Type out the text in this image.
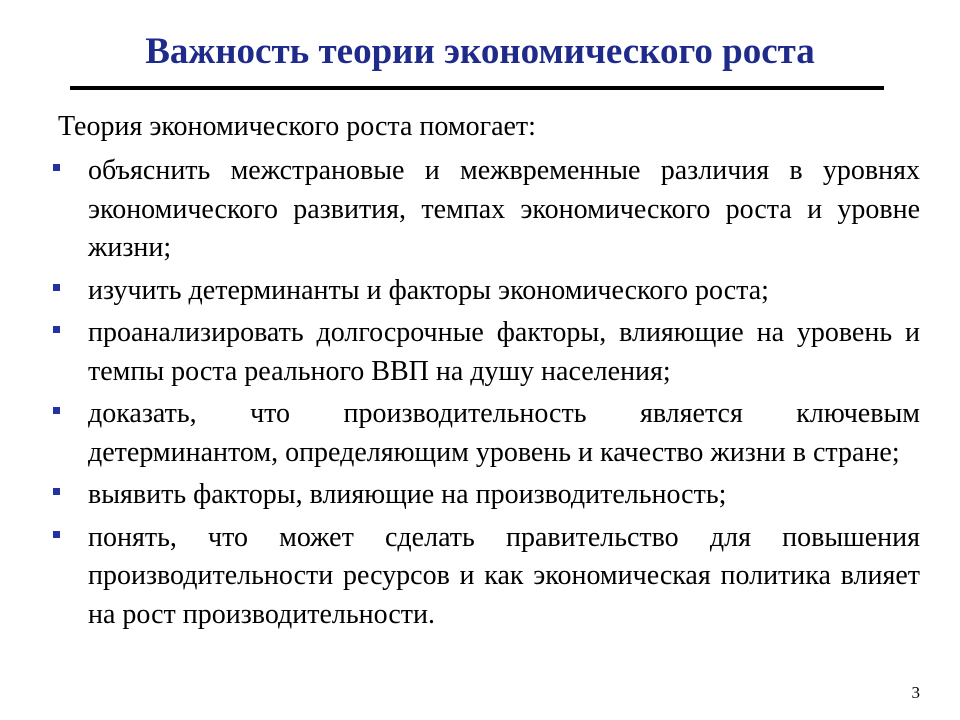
Важность теории экономического роста
Теория экономического роста помогает:
объяснить межстрановые и межвременные различия в уровнях экономического развития, темпах экономического роста и уровне жизни;
изучить детерминанты и факторы экономического роста;
проанализировать долгосрочные факторы, влияющие на уровень и темпы роста реального ВВП на душу населения;
доказать, что производительность является ключевым детерминантом, определяющим уровень и качество жизни в стране;
выявить факторы, влияющие на производительность;
понять, что может сделать правительство для повышения производительности ресурсов и как экономическая политика влияет на рост производительности.
3
